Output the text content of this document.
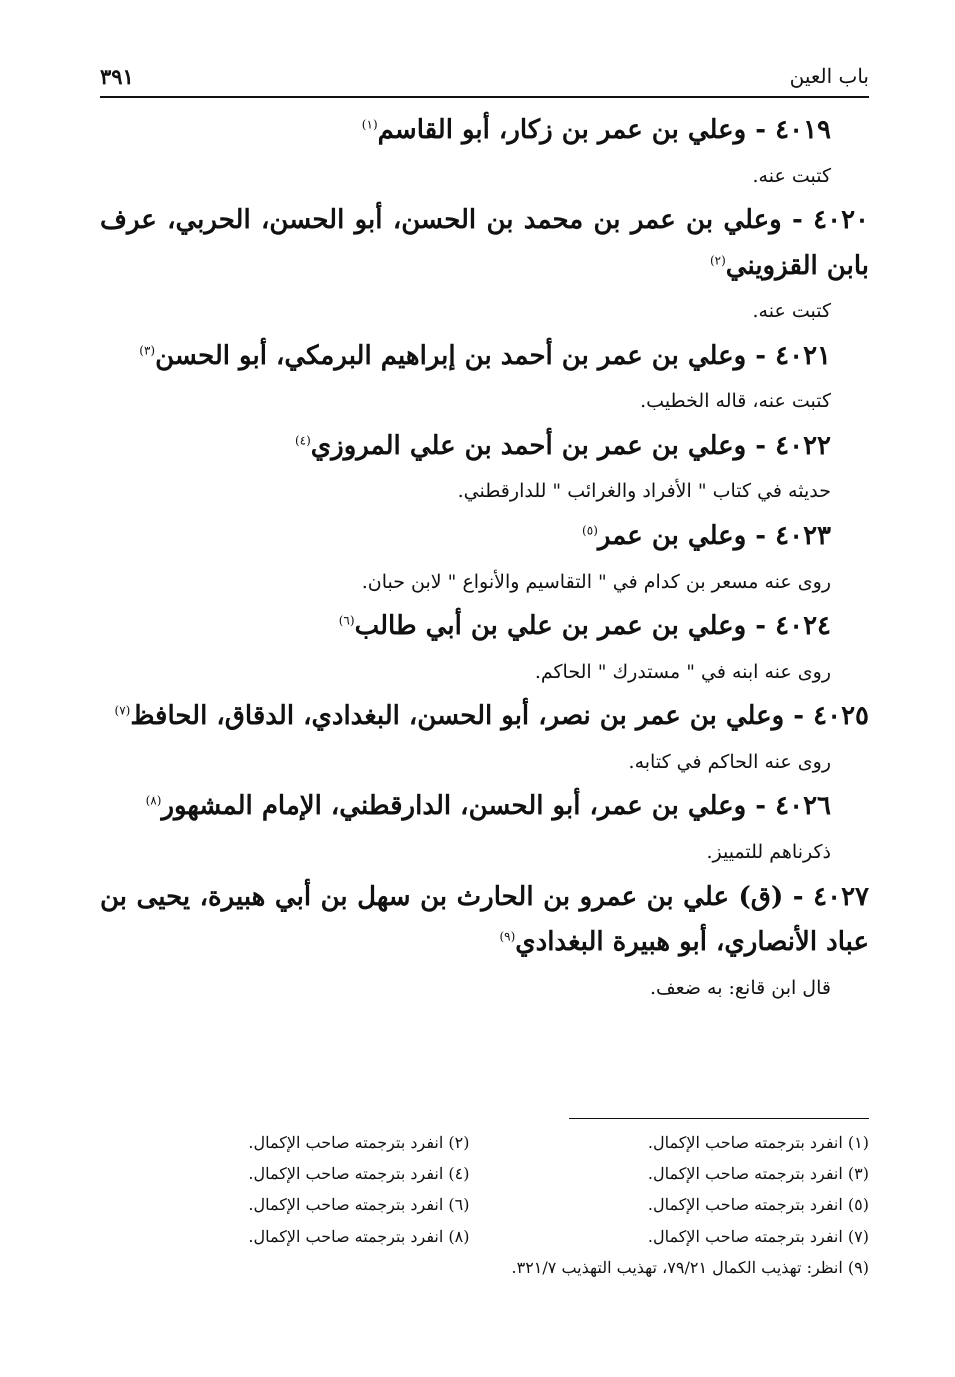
باب العين
٣٩١

٤٠١٩ - وعلي بن عمر بن زكار، أبو القاسم$^{(١)}$

كتبت عنه.

٤٠٢٠ - وعلي بن عمر بن محمد بن الحسن، أبو الحسن، الحربي، عرف بابن القزويني$^{(٢)}$

كتبت عنه.

٤٠٢١ - وعلي بن عمر بن أحمد بن إبراهيم البرمكي، أبو الحسن$^{(٣)}$

كتبت عنه، قاله الخطيب.

٤٠٢٢ - وعلي بن عمر بن أحمد بن علي المروزي$^{(٤)}$

حديثه في كتاب " الأفراد والغرائب " للدارقطني.

٤٠٢٣ - وعلي بن عمر$^{(٥)}$

روى عنه مسعر بن كدام في " التقاسيم والأنواع " لابن حبان.

٤٠٢٤ - وعلي بن عمر بن علي بن أبي طالب$^{(٦)}$

روى عنه ابنه في " مستدرك " الحاكم.

٤٠٢٥ - وعلي بن عمر بن نصر، أبو الحسن، البغدادي، الدقاق، الحافظ$^{(٧)}$

روى عنه الحاكم في كتابه.

٤٠٢٦ - وعلي بن عمر، أبو الحسن، الدارقطني، الإمام المشهور$^{(٨)}$

ذكرناهم للتمييز.

٤٠٢٧ - (ق) علي بن عمرو بن الحارث بن سهل بن أبي هبيرة، يحيى بن عباد الأنصاري، أبو هبيرة البغدادي$^{(٩)}$

قال ابن قانع: به ضعف.

(١) انفرد بترجمته صاحب الإكمال.
(٢) انفرد بترجمته صاحب الإكمال.
(٣) انفرد بترجمته صاحب الإكمال.
(٤) انفرد بترجمته صاحب الإكمال.
(٥) انفرد بترجمته صاحب الإكمال.
(٦) انفرد بترجمته صاحب الإكمال.
(٧) انفرد بترجمته صاحب الإكمال.
(٨) انفرد بترجمته صاحب الإكمال.
(٩) انظر: تهذيب الكمال ٧٩/٢١، تهذيب التهذيب ٣٢١/٧.
